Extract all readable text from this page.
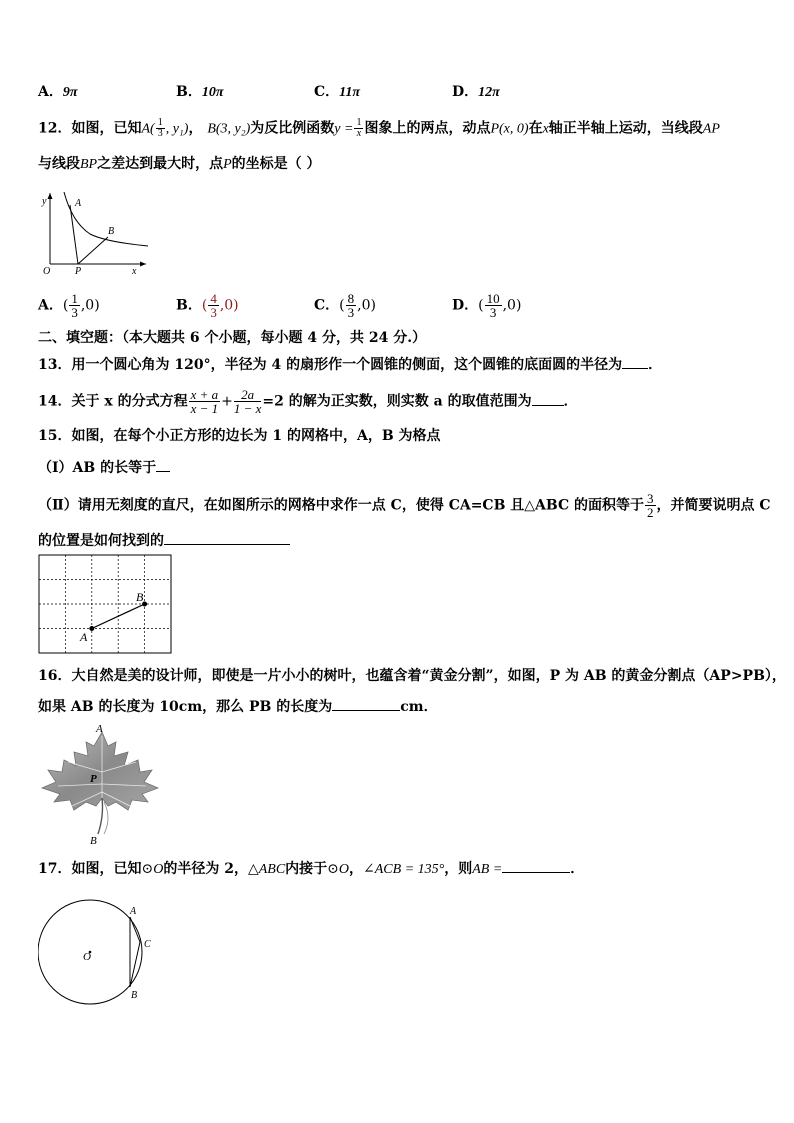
A．9π	B．10π	C．11π	D．12π
12．如图，已知$A( \frac{1}{3}$ , y₁)， B(3, y₂)为反比例函数$y = \frac{1}{x}$ 图象上的两点，动点P(x, 0)在x轴正半轴上运动，当线段AP
与线段BP之差达到最大时，点P的坐标是（ ）
y	A
B
O P	x
A．( $\frac{1}{3} ,0$)	B．( $\frac{4}{3} ,0$)	C．( $\frac{8}{3} ,0$)	D．( $\frac{10}{3} ,0$)
二、填空题：（本大题共 6 个小题，每小题 4 分，共 24 分.）
13．用一个圆心角为 120°，半径为 4 的扇形作一个圆锥的侧面，这个圆锥的底面圆的半径为 ．
14．关于 x 的分式方程 $\frac{x + a}{x - 1} + \frac{2a}{1 - x} =2$ 的解为正实数，则实数 a 的取值范围为 ．
15．如图，在每个小正方形的边长为 1 的网格中，A，B 为格点
（Ⅰ）AB 的长等于
（Ⅱ）请用无刻度的直尺，在如图所示的网格中求作一点 C，使得 CA=CB 且△ABC 的面积等于 $\frac{3}{2}$ ，并简要说明点 C
的位置是如何找到的
A
B
16．大自然是美的设计师，即使是一片小小的树叶，也蕴含着“黄金分割”，如图，P 为 AB 的黄金分割点（AP>PB），
如果 AB 的长度为 10cm，那么 PB 的长度为	cm．
A
P
B
17．如图，已知⊙O的半径为 2，△ABC内接于⊙O，∠ACB = 135°，则AB =	．
A
C
O
B
